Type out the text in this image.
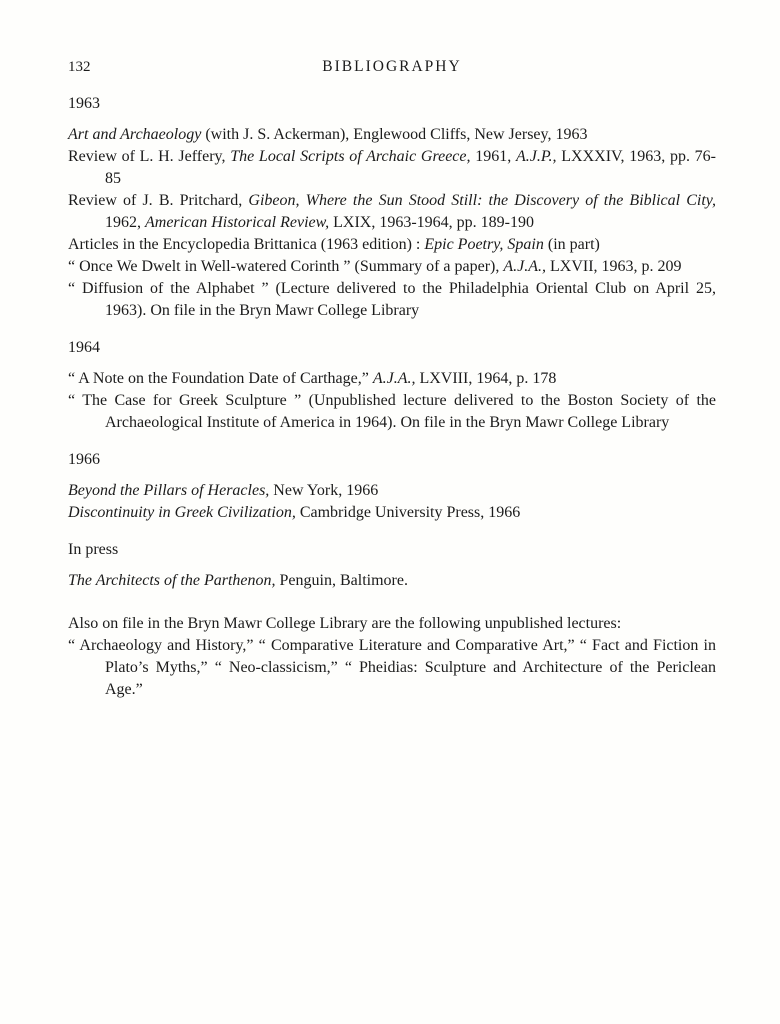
132	BIBLIOGRAPHY
1963
Art and Archaeology (with J. S. Ackerman), Englewood Cliffs, New Jersey, 1963
Review of L. H. Jeffery, The Local Scripts of Archaic Greece, 1961, A.J.P., LXXXIV, 1963, pp. 76-85
Review of J. B. Pritchard, Gibeon, Where the Sun Stood Still: the Discovery of the Biblical City, 1962, American Historical Review, LXIX, 1963-1964, pp. 189-190
Articles in the Encyclopedia Brittanica (1963 edition) : Epic Poetry, Spain (in part)
“ Once We Dwelt in Well-watered Corinth ” (Summary of a paper), A.J.A., LXVII, 1963, p. 209
“ Diffusion of the Alphabet ” (Lecture delivered to the Philadelphia Oriental Club on April 25, 1963). On file in the Bryn Mawr College Library
1964
“ A Note on the Foundation Date of Carthage,” A.J.A., LXVIII, 1964, p. 178
“ The Case for Greek Sculpture ” (Unpublished lecture delivered to the Boston Society of the Archaeological Institute of America in 1964). On file in the Bryn Mawr College Library
1966
Beyond the Pillars of Heracles, New York, 1966
Discontinuity in Greek Civilization, Cambridge University Press, 1966
In press
The Architects of the Parthenon, Penguin, Baltimore.
Also on file in the Bryn Mawr College Library are the following unpublished lectures:
“ Archaeology and History,” “ Comparative Literature and Comparative Art,” “ Fact and Fiction in Plato’s Myths,” “ Neo-classicism,” “ Pheidias: Sculpture and Architecture of the Periclean Age.”
